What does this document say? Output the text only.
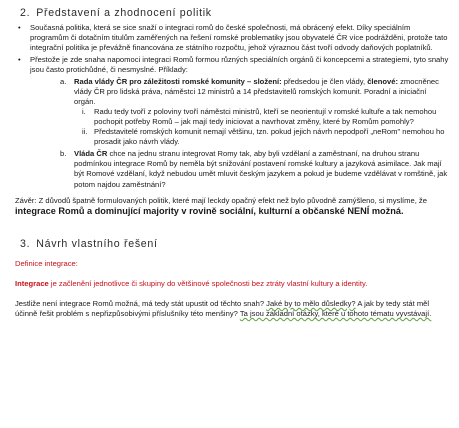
2. Představení a zhodnocení politik
• Současná politika, která se sice snaží o integraci romů do české společnosti, má obrácený efekt. Díky speciálním programům či dotačním titulům zaměřených na řešení romské problematiky jsou obyvatelé ČR více podrážděni, protože tato integrační politika je převážně financována ze státního rozpočtu, jehož výraznou část tvoří odvody daňových poplatníků.
• Přestože je zde snaha napomoci integraci Romů formou různých speciálních orgánů či koncepcemi a strategiemi, tyto snahy jsou často protichůdné, či nesmyslné. Příklady:
a. Rada vlády ČR pro záležitosti romské komunity – složení: předsedou je člen vlády, členové: zmocněnec vlády ČR pro lidská práva, náměstci 12 ministrů a 14 představitelů romských komunit. Poradní a iniciační orgán.
i. Radu tedy tvoří z poloviny tvoří náměstci ministrů, kteří se neorientují v romské kultuře a tak nemohou pochopit potřeby Romů – jak mají tedy iniciovat a navrhovat změny, které by Romům pomohly?
ii. Představitelé romských komunit nemají většinu, tzn. pokud jejich návrh nepodpoří „neRom" nemohou ho prosadit jako návrh vlády.
b. Vláda ČR chce na jednu stranu integrovat Romy tak, aby byli vzdělaní a zaměstnaní, na druhou stranu podmínkou integrace Romů by neměla být snižování postavení romské kultury a jazyková asimilace. Jak mají být Romové vzdělaní, když nebudou umět mluvit českým jazykem a pokud je budeme vzdělávat v romštině, jak potom najdou zaměstnání?

Závěr: Z důvodů špatně formulovaných politik, které mají leckdy opačný efekt než bylo původně zamýšleno, si myslíme, že integrace Romů a dominující majority v rovině sociální, kulturní a občanské NENÍ možná.

3. Návrh vlastního řešení

Definice integrace:

Integrace je začlenění jednotlivce či skupiny do většinové společnosti bez ztráty vlastní kultury a identity.

Jestliže není integrace Romů možná, má tedy stát upustit od těchto snah? Jaké by to mělo důsledky? A jak by tedy stát měl účinně řešit problém s nepřizpůsobivými příslušníky této menšiny? Ta jsou základní otázky, které u tohoto tématu vyvstávají.
